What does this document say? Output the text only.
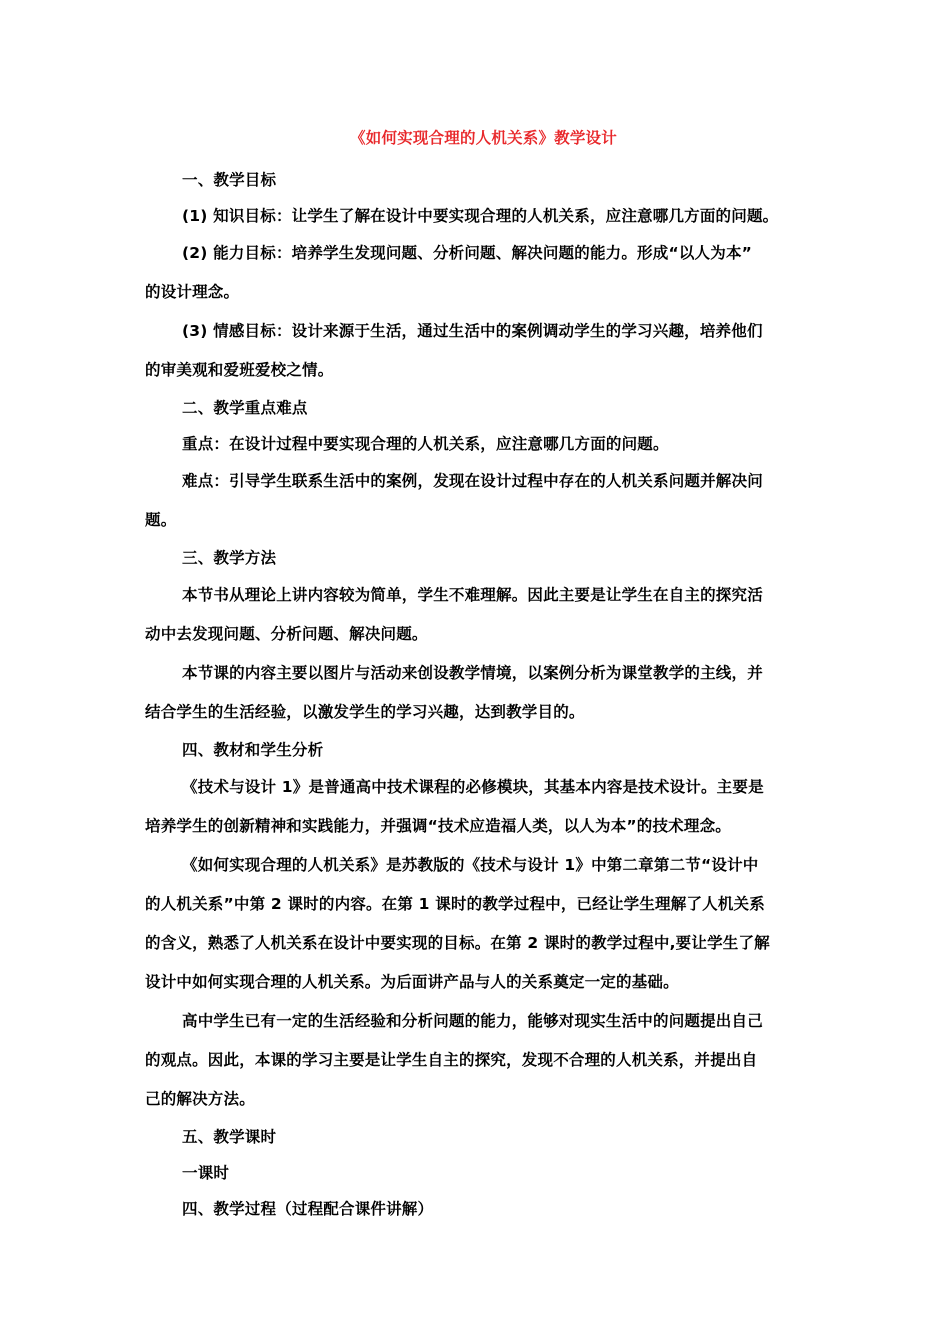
《如何实现合理的人机关系》教学设计
一、教学目标
(1) 知识目标：让学生了解在设计中要实现合理的人机关系，应注意哪几方面的问题。
(2) 能力目标：培养学生发现问题、分析问题、解决问题的能力。形成“以人为本”
的设计理念。
(3) 情感目标：设计来源于生活，通过生活中的案例调动学生的学习兴趣，培养他们
的审美观和爱班爱校之情。
二、教学重点难点
重点：在设计过程中要实现合理的人机关系，应注意哪几方面的问题。
难点：引导学生联系生活中的案例，发现在设计过程中存在的人机关系问题并解决问
题。
三、教学方法
本节书从理论上讲内容较为简单，学生不难理解。因此主要是让学生在自主的探究活
动中去发现问题、分析问题、解决问题。
本节课的内容主要以图片与活动来创设教学情境，以案例分析为课堂教学的主线，并
结合学生的生活经验，以激发学生的学习兴趣，达到教学目的。
四、教材和学生分析
《技术与设计 1》是普通高中技术课程的必修模块，其基本内容是技术设计。主要是
培养学生的创新精神和实践能力，并强调“技术应造福人类，以人为本”的技术理念。
《如何实现合理的人机关系》是苏教版的《技术与设计 1》中第二章第二节“设计中
的人机关系”中第 2 课时的内容。在第 1 课时的教学过程中，已经让学生理解了人机关系
的含义，熟悉了人机关系在设计中要实现的目标。在第 2 课时的教学过程中,要让学生了解
设计中如何实现合理的人机关系。为后面讲产品与人的关系奠定一定的基础。
高中学生已有一定的生活经验和分析问题的能力，能够对现实生活中的问题提出自己
的观点。因此，本课的学习主要是让学生自主的探究，发现不合理的人机关系，并提出自
己的解决方法。
五、教学课时
一课时
四、教学过程（过程配合课件讲解）
